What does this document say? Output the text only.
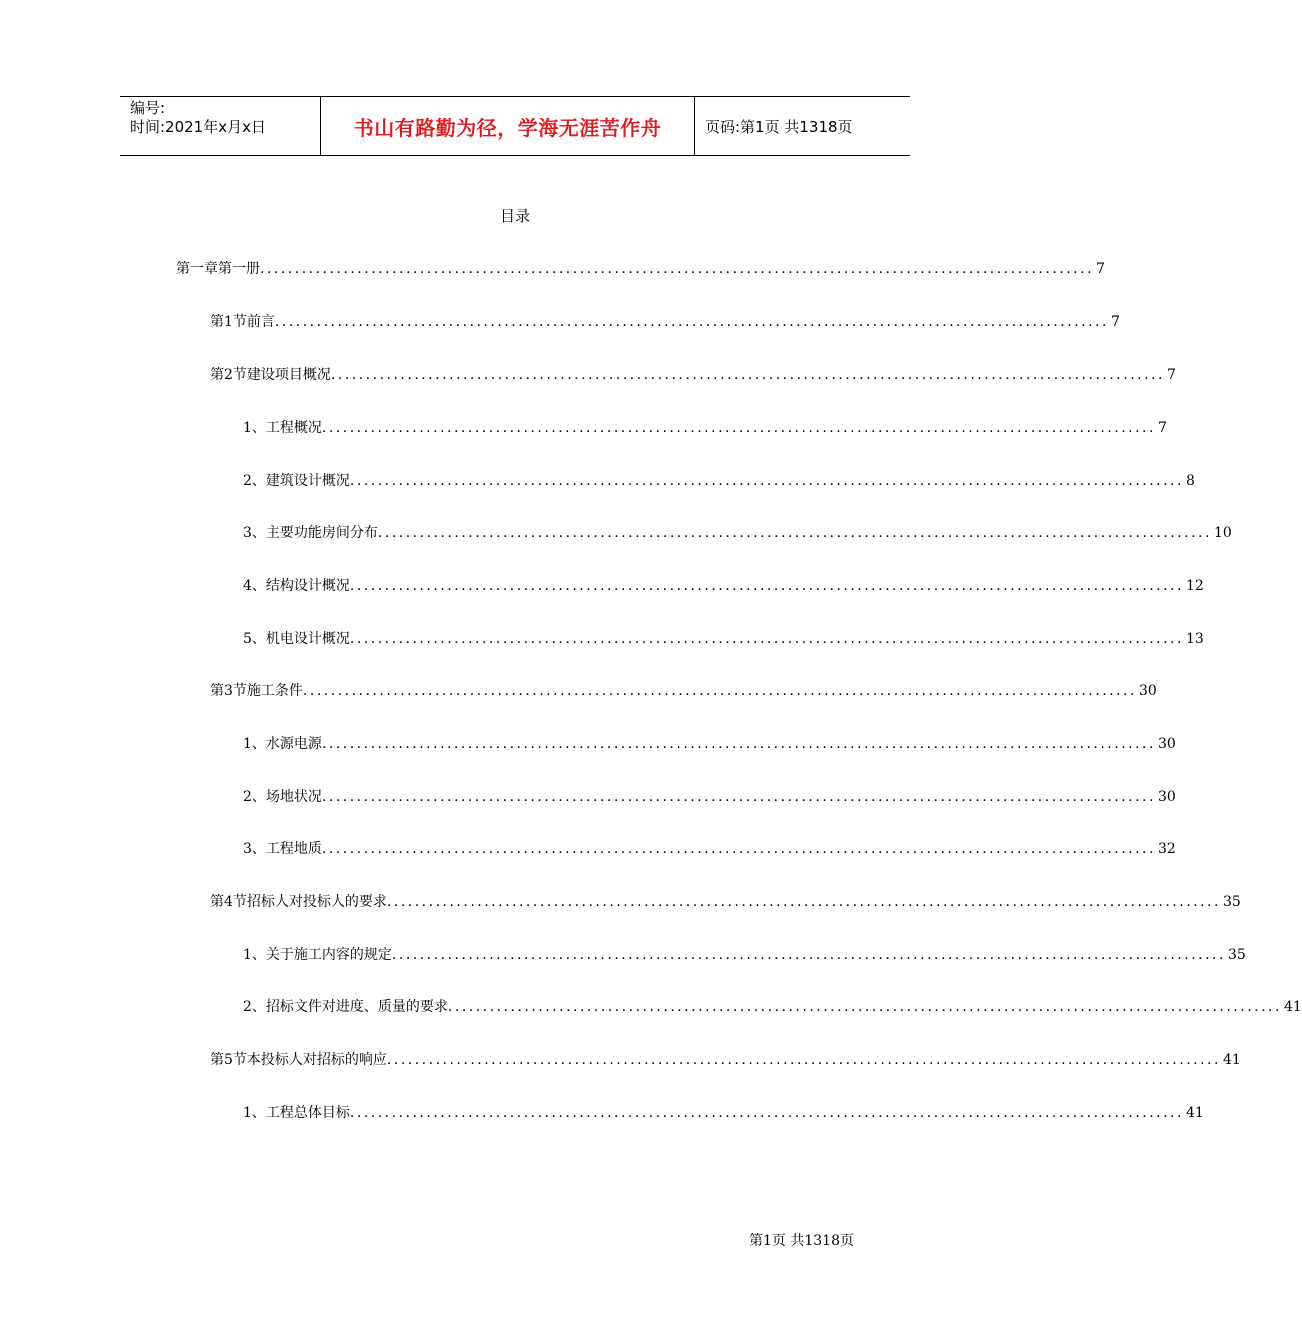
编号:
时间:2021年x月x日	书山有路勤为径，学海无涯苦作舟	页码:第1页 共1318页
目录
第一章 第一册 ........................................................................................................................ 7
第1节 前言 ........................................................................................................................ 7
第2节 建设项目概况 ........................................................................................................................ 7
1、 工程概况 ........................................................................................................................ 7
2、 建筑设计概况 ........................................................................................................................ 8
3、 主要功能房间分布 ........................................................................................................................ 10
4、 结构设计概况 ........................................................................................................................ 12
5、 机电设计概况 ........................................................................................................................ 13
第3节 施工条件 ........................................................................................................................ 30
1、 水源电源 ........................................................................................................................ 30
2、 场地状况 ........................................................................................................................ 30
3、 工程地质 ........................................................................................................................ 32
第4节 招标人对投标人的要求 ........................................................................................................................ 35
1、 关于施工内容的规定 ........................................................................................................................ 35
2、 招标文件对进度、质量的要求 ........................................................................................................................ 41
第5节 本投标人对招标的响应 ........................................................................................................................ 41
1、 工程总体目标 ........................................................................................................................ 41
第1页 共1318页
